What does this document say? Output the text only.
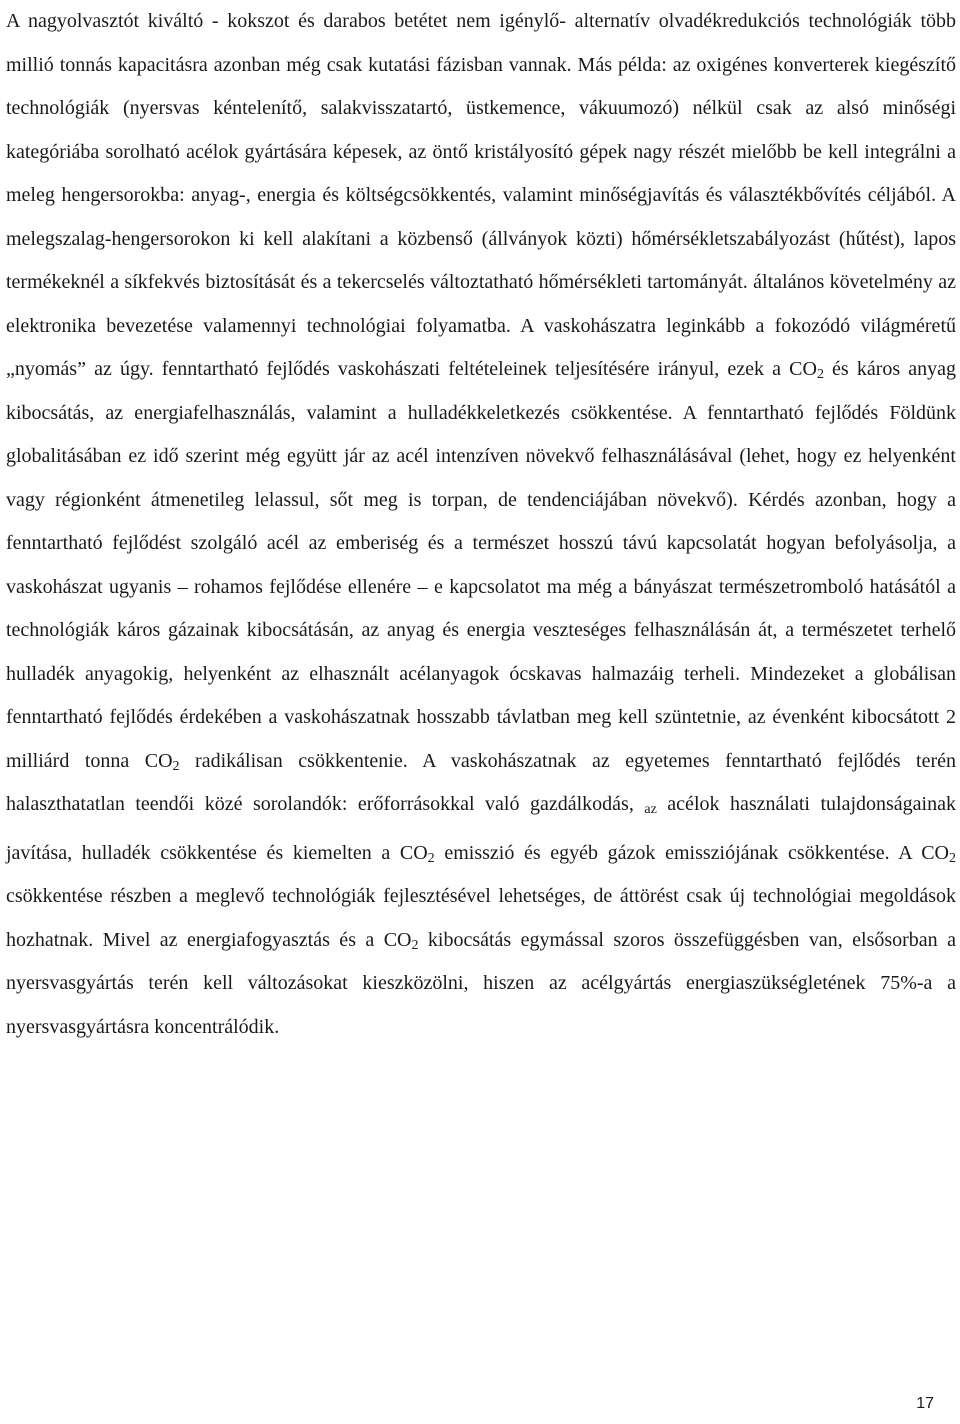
A nagyolvasztót kiváltó - kokszot és darabos betétet nem igénylő- alternatív olvadékredukciós technológiák több millió tonnás kapacitásra azonban még csak kutatási fázisban vannak. Más példa: az oxigénes konverterek kiegészítő technológiák (nyersvas kéntelenítő, salakvisszatartó, üstkemence, vákuumozó) nélkül csak az alsó minőségi kategóriába sorolható acélok gyártására képesek, az öntő kristályosító gépek nagy részét mielőbb be kell integrálni a meleg hengersorokba: anyag-, energia és költségcsökkentés, valamint minőségjavítás és választékbővítés céljából. A melegszalag-hengersorokon ki kell alakítani a közbenső (állványok közti) hőmérsékletszabályozást (hűtést), lapos termékeknél a síkfekvés biztosítását és a tekercselés változtatható hőmérsékleti tartományát. általános követelmény az elektronika bevezetése valamennyi technológiai folyamatba. A vaskohászatra leginkább a fokozódó világméretű „nyomás” az úgy. fenntartható fejlődés vaskohászati feltételeinek teljesítésére irányul, ezek a $CO_2$ és káros anyag kibocsátás, az energiafelhasználás, valamint a hulladékkeletkezés csökkentése. A fenntartható fejlődés Földünk globalitásában ez idő szerint még együtt jár az acél intenzíven növekvő felhasználásával (lehet, hogy ez helyenként vagy régionként átmenetileg lelassul, sőt meg is torpan, de tendenciájában növekvő). Kérdés azonban, hogy a fenntartható fejlődést szolgáló acél az emberiség és a természet hosszú távú kapcsolatát hogyan befolyásolja, a vaskohászat ugyanis – rohamos fejlődése ellenére – e kapcsolatot ma még a bányászat természetromboló hatásától a technológiák káros gázainak kibocsátásán, az anyag és energia veszteséges felhasználásán át, a természetet terhelő hulladék anyagokig, helyenként az elhasznált acélanyagok ócskavas halmazáig terheli. Mindezeket a globálisan fenntartható fejlődés érdekében a vaskohászatnak hosszabb távlatban meg kell szüntetnie, az évenként kibocsátott 2 milliárd tonna $CO_2$ radikálisan csökkentenie. A vaskohászatnak az egyetemes fenntartható fejlődés terén halaszthatatlan teendői közé sorolandók: erőforrásokkal való gazdálkodás, az acélok használati tulajdonságainak javítása, hulladék csökkentése és kiemelten a $CO_2$ emisszió és egyéb gázok emissziójának csökkentése. A $CO_2$ csökkentése részben a meglevő technológiák fejlesztésével lehetséges, de áttörést csak új technológiai megoldások hozhatnak. Mivel az energiafogyasztás és a $CO_2$ kibocsátás egymással szoros összefüggésben van, elsősorban a nyersvasgyártás terén kell változásokat kieszközölni, hiszen az acélgyártás energiaszükségletének 75%-a a nyersvasgyártásra koncentrálódik.

17
